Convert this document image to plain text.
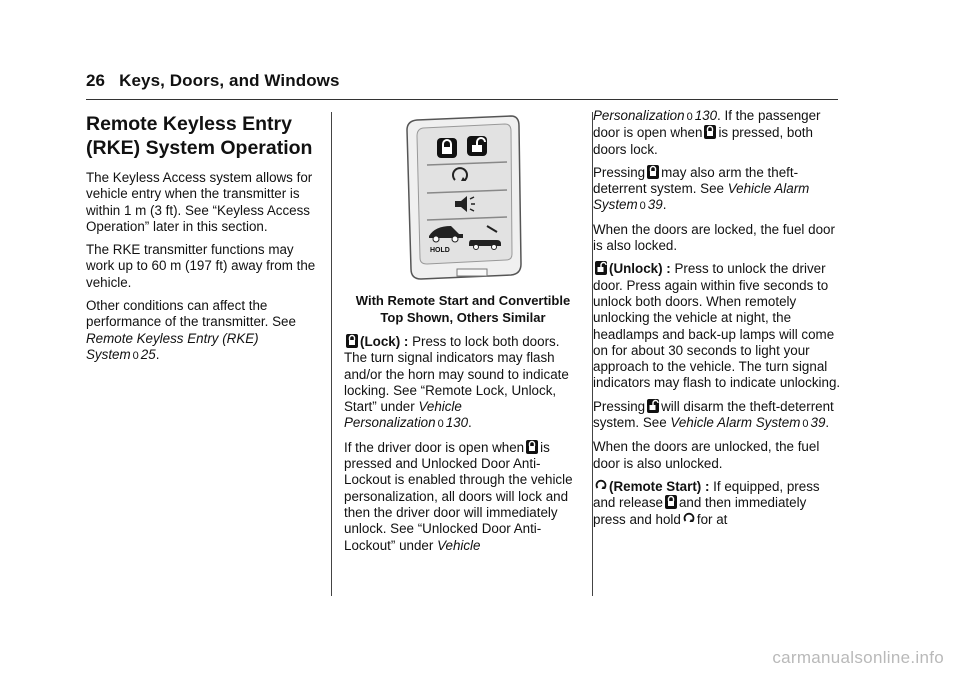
26 Keys, Doors, and Windows
Remote Keyless Entry (RKE) System Operation

The Keyless Access system allows for vehicle entry when the transmitter is within 1 m (3 ft). See “Keyless Access Operation” later in this section.

The RKE transmitter functions may work up to 60 m (197 ft) away from the vehicle.

Other conditions can affect the performance of the transmitter. See Remote Keyless Entry (RKE) System 0 25.

HOLD
With Remote Start and Convertible
Top Shown, Others Similar

(Lock) : Press to lock both doors. The turn signal indicators may flash and/or the horn may sound to indicate locking. See “Remote Lock, Unlock, Start” under Vehicle Personalization 0 130.

If the driver door is open when is pressed and Unlocked Door Anti-Lockout is enabled through the vehicle personalization, all doors will lock and then the driver door will immediately unlock. See “Unlocked Door Anti-Lockout” under Vehicle

Personalization 0 130. If the passenger door is open when is pressed, both doors lock.

Pressing may also arm the theft-deterrent system. See Vehicle Alarm System 0 39.

When the doors are locked, the fuel door is also locked.

(Unlock) : Press to unlock the driver door. Press again within five seconds to unlock both doors. When remotely unlocking the vehicle at night, the headlamps and back-up lamps will come on for about 30 seconds to light your approach to the vehicle. The turn signal indicators may flash to indicate unlocking.

Pressing will disarm the theft-deterrent system. See Vehicle Alarm System 0 39.

When the doors are unlocked, the fuel door is also unlocked.

(Remote Start) : If equipped, press and release and then immediately press and hold for at

carmanualsonline.info
